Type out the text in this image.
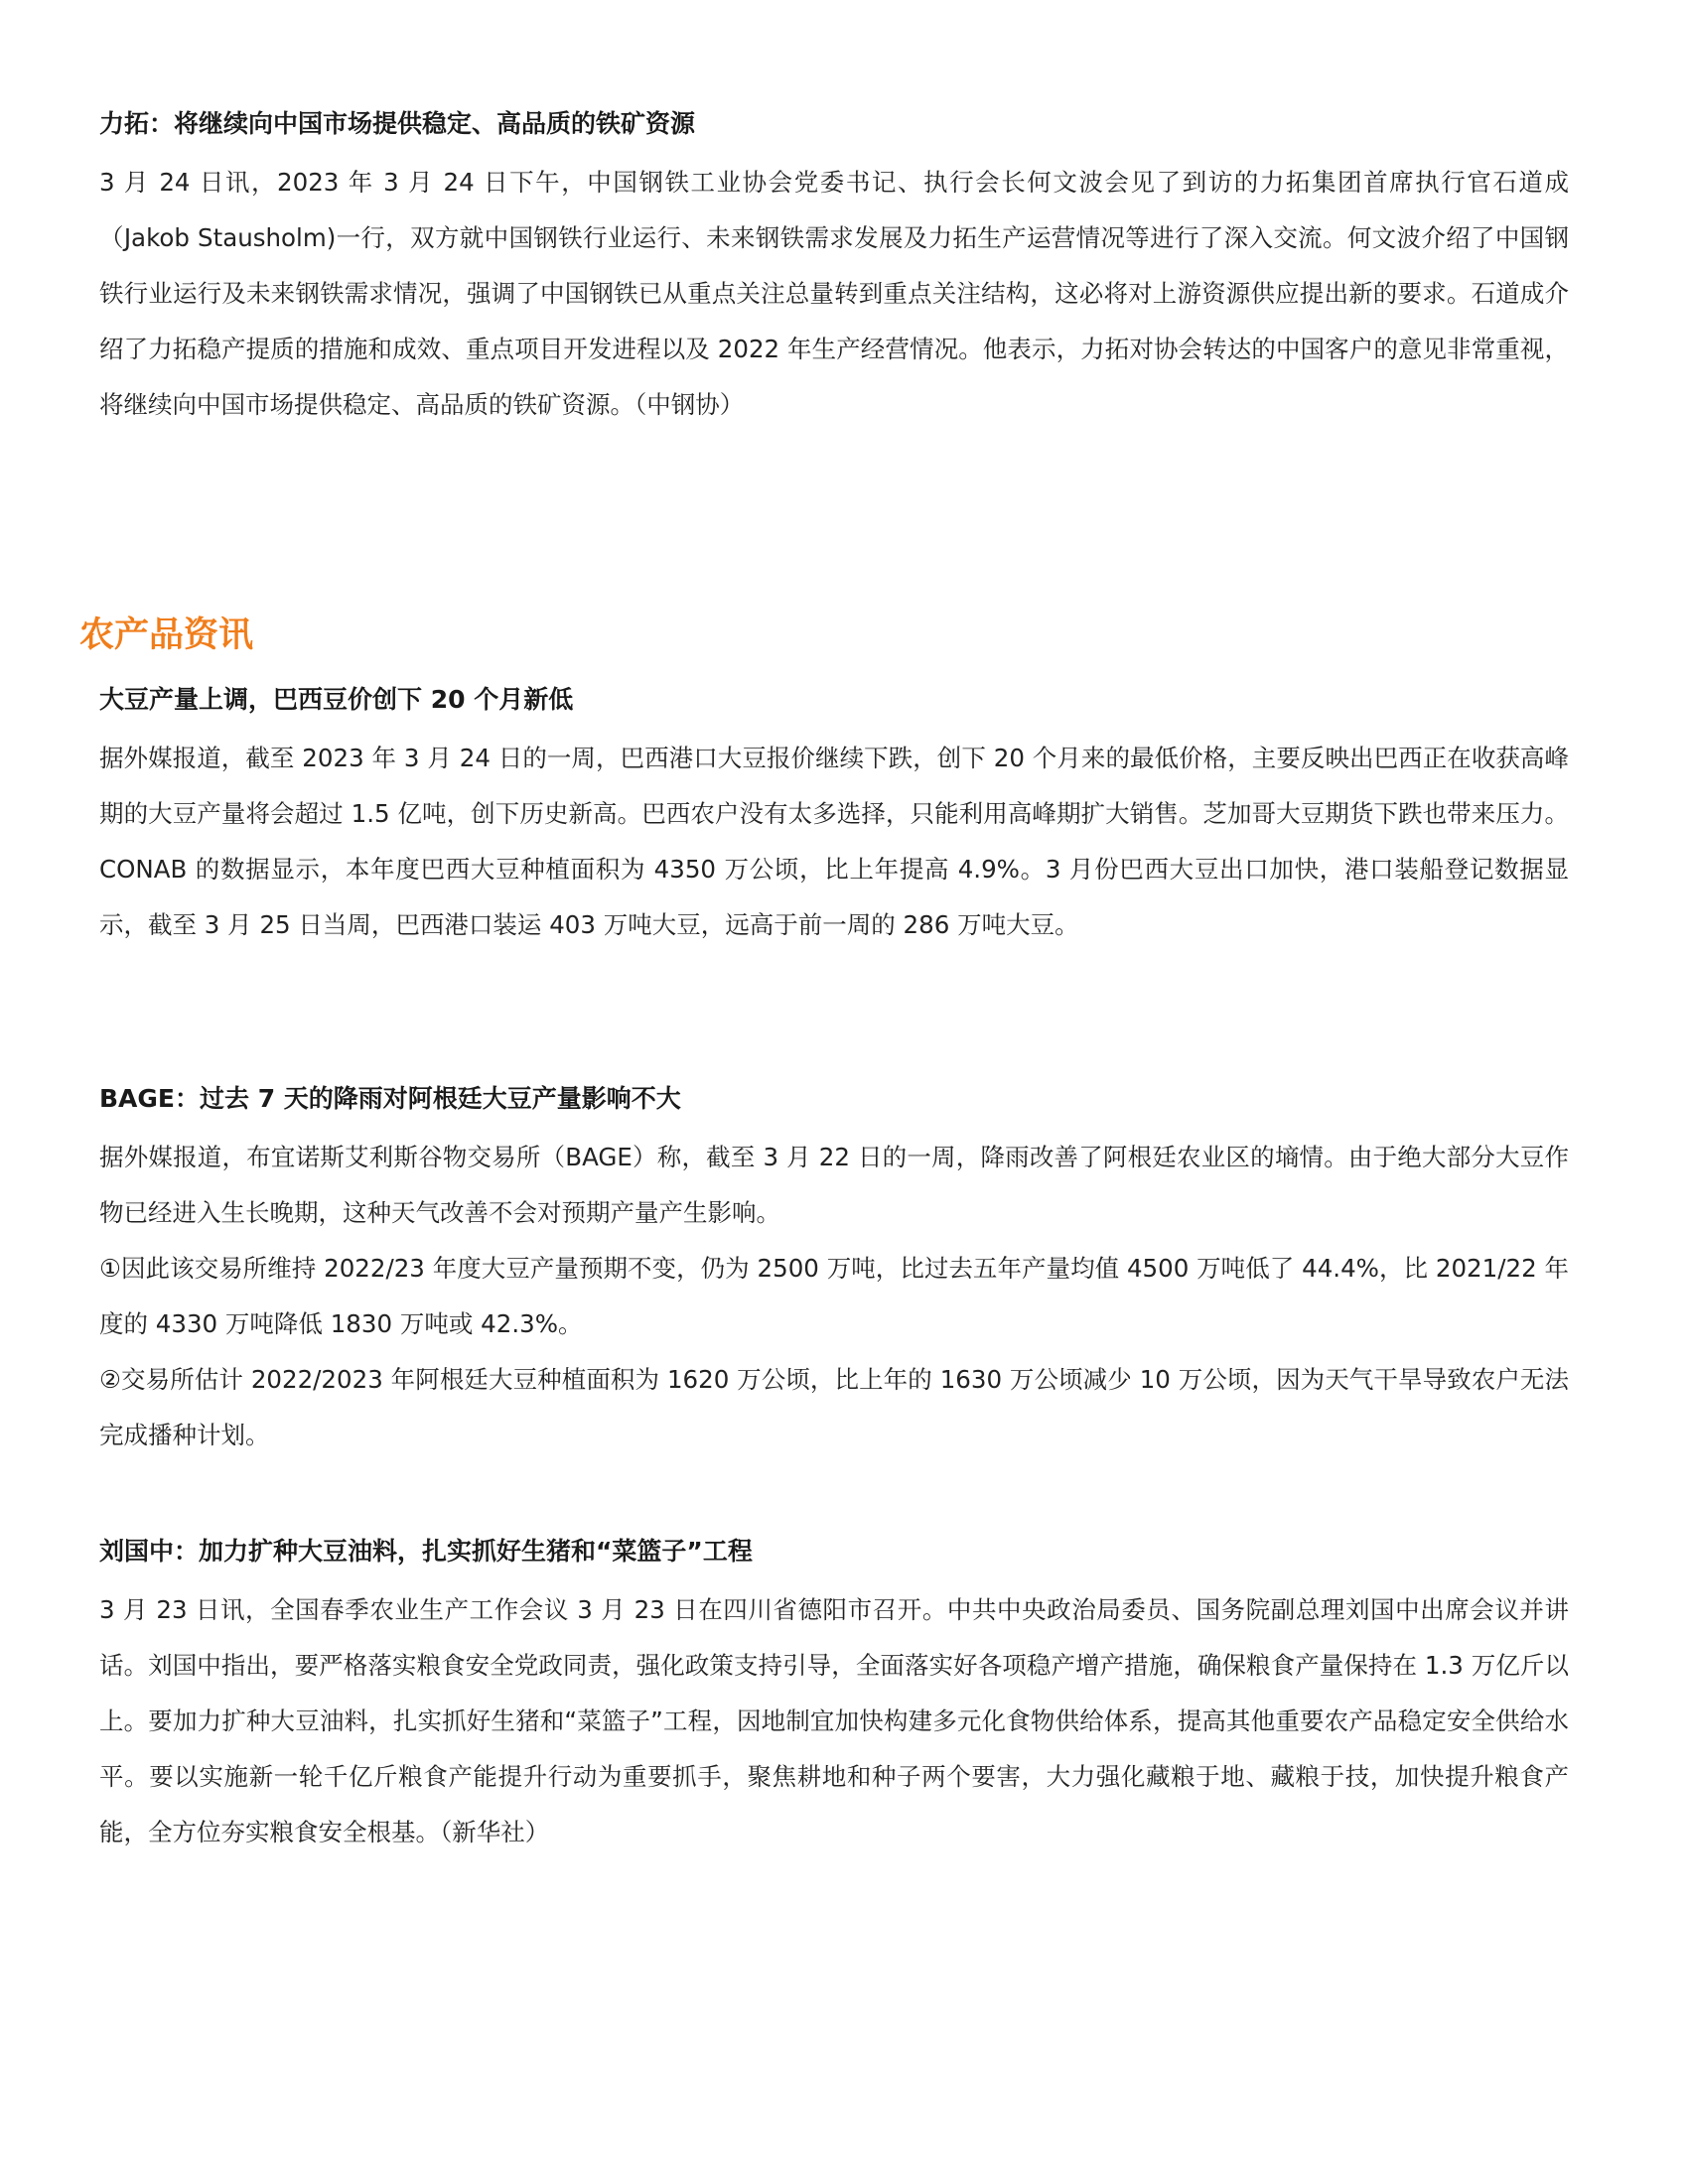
力拓：将继续向中国市场提供稳定、高品质的铁矿资源

3 月 24 日讯，2023 年 3 月 24 日下午，中国钢铁工业协会党委书记、执行会长何文波会见了到访的力拓集团首席执行官石道成（Jakob Stausholm)一行，双方就中国钢铁行业运行、未来钢铁需求发展及力拓生产运营情况等进行了深入交流。何文波介绍了中国钢铁行业运行及未来钢铁需求情况，强调了中国钢铁已从重点关注总量转到重点关注结构，这必将对上游资源供应提出新的要求。石道成介绍了力拓稳产提质的措施和成效、重点项目开发进程以及 2022 年生产经营情况。他表示，力拓对协会转达的中国客户的意见非常重视，将继续向中国市场提供稳定、高品质的铁矿资源。（中钢协）

农产品资讯
大豆产量上调，巴西豆价创下 20 个月新低

据外媒报道，截至 2023 年 3 月 24 日的一周，巴西港口大豆报价继续下跌，创下 20 个月来的最低价格，主要反映出巴西正在收获高峰期的大豆产量将会超过 1.5 亿吨，创下历史新高。巴西农户没有太多选择，只能利用高峰期扩大销售。芝加哥大豆期货下跌也带来压力。CONAB 的数据显示，本年度巴西大豆种植面积为 4350 万公顷，比上年提高 4.9%。3 月份巴西大豆出口加快，港口装船登记数据显示，截至 3 月 25 日当周，巴西港口装运 403 万吨大豆，远高于前一周的 286 万吨大豆。

BAGE：过去 7 天的降雨对阿根廷大豆产量影响不大

据外媒报道，布宜诺斯艾利斯谷物交易所（BAGE）称，截至 3 月 22 日的一周，降雨改善了阿根廷农业区的墒情。由于绝大部分大豆作物已经进入生长晚期，这种天气改善不会对预期产量产生影响。

①因此该交易所维持 2022/23 年度大豆产量预期不变，仍为 2500 万吨，比过去五年产量均值 4500 万吨低了 44.4%，比 2021/22 年度的 4330 万吨降低 1830 万吨或 42.3%。

②交易所估计 2022/2023 年阿根廷大豆种植面积为 1620 万公顷，比上年的 1630 万公顷减少 10 万公顷，因为天气干旱导致农户无法完成播种计划。

刘国中：加力扩种大豆油料，扎实抓好生猪和“菜篮子”工程

3 月 23 日讯，全国春季农业生产工作会议 3 月 23 日在四川省德阳市召开。中共中央政治局委员、国务院副总理刘国中出席会议并讲话。刘国中指出，要严格落实粮食安全党政同责，强化政策支持引导，全面落实好各项稳产增产措施，确保粮食产量保持在 1.3 万亿斤以上。要加力扩种大豆油料，扎实抓好生猪和“菜篮子”工程，因地制宜加快构建多元化食物供给体系，提高其他重要农产品稳定安全供给水平。要以实施新一轮千亿斤粮食产能提升行动为重要抓手，聚焦耕地和种子两个要害，大力强化藏粮于地、藏粮于技，加快提升粮食产能，全方位夯实粮食安全根基。（新华社）
